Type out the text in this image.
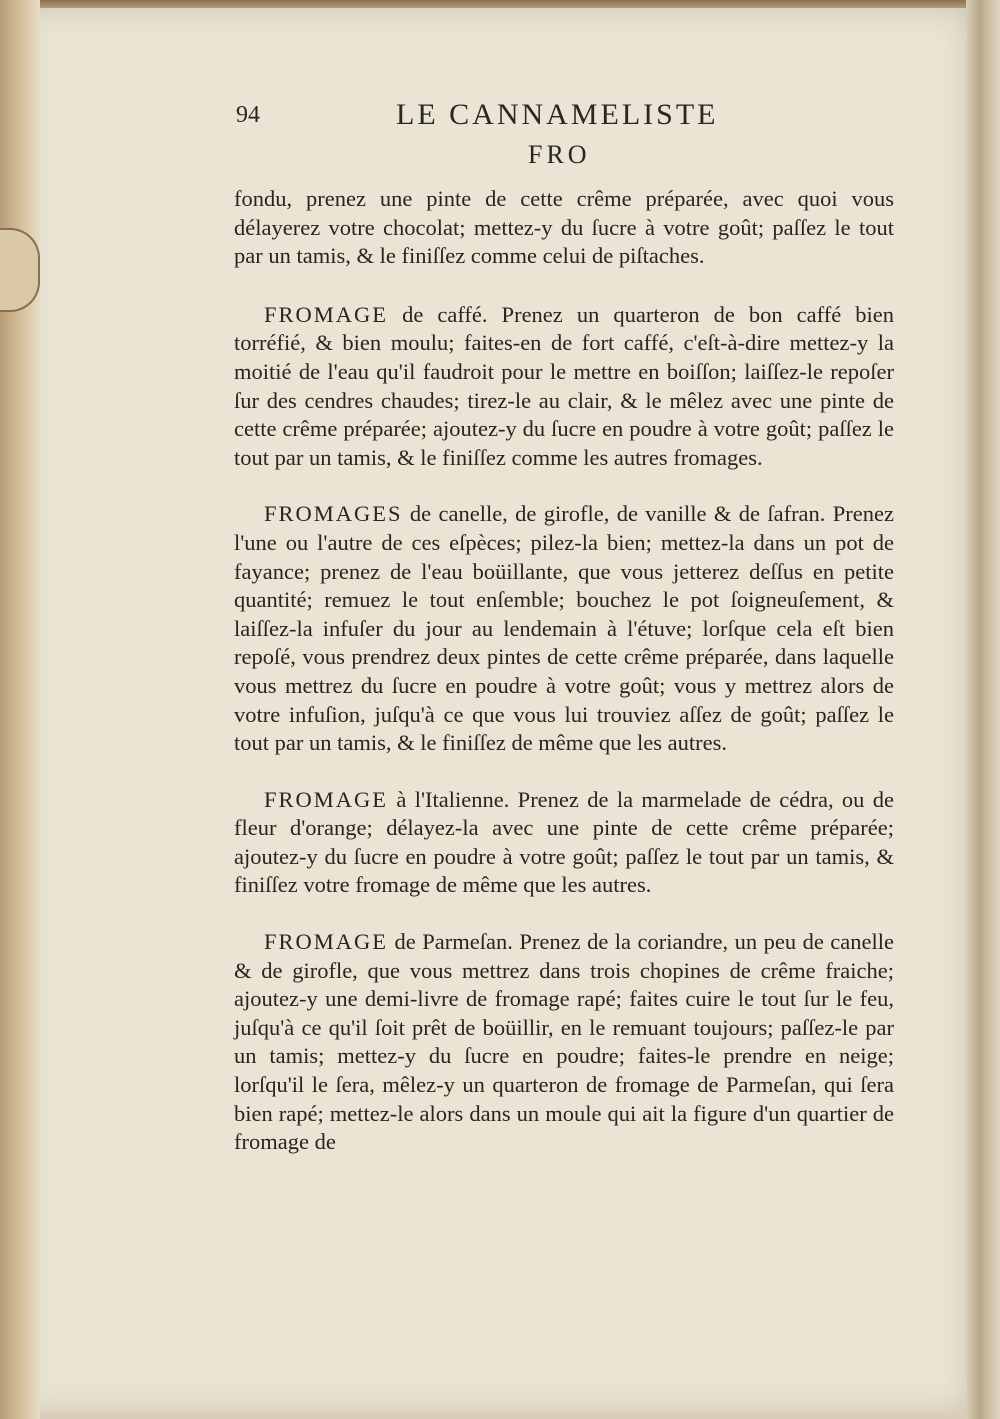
94	LE CANNAMELISTE
FRO

fondu, prenez une pinte de cette crême préparée, avec quoi vous délayerez votre chocolat; mettez-y du ſucre à votre goût; paſſez le tout par un tamis, & le finiſſez comme celui de piſtaches.

FROMAGE de caffé. Prenez un quarteron de bon caffé bien torréfié, & bien moulu; faites-en de fort caffé, c'eſt-à-dire mettez-y la moitié de l'eau qu'il faudroit pour le mettre en boiſſon; laiſſez-le repoſer ſur des cendres chaudes; tirez-le au clair, & le mêlez avec une pinte de cette crême préparée; ajoutez-y du ſucre en poudre à votre goût; paſſez le tout par un tamis, & le finiſſez comme les autres fromages.

FROMAGES de canelle, de girofle, de vanille & de ſafran. Prenez l'une ou l'autre de ces eſpèces; pilez-la bien; mettez-la dans un pot de fayance; prenez de l'eau boüillante, que vous jetterez deſſus en petite quantité; remuez le tout enſemble; bouchez le pot ſoigneuſement, & laiſſez-la infuſer du jour au lendemain à l'étuve; lorſque cela eſt bien repoſé, vous prendrez deux pintes de cette crême préparée, dans laquelle vous mettrez du ſucre en poudre à votre goût; vous y mettrez alors de votre infuſion, juſqu'à ce que vous lui trouviez aſſez de goût; paſſez le tout par un tamis, & le finiſſez de même que les autres.

FROMAGE à l'Italienne. Prenez de la marmelade de cédra, ou de fleur d'orange; délayez-la avec une pinte de cette crême préparée; ajoutez-y du ſucre en poudre à votre goût; paſſez le tout par un tamis, & finiſſez votre fromage de même que les autres.

FROMAGE de Parmeſan. Prenez de la coriandre, un peu de canelle & de girofle, que vous mettrez dans trois chopines de crême fraiche; ajoutez-y une demi-livre de fromage rapé; faites cuire le tout ſur le feu, juſqu'à ce qu'il ſoit prêt de boüillir, en le remuant toujours; paſſez-le par un tamis; mettez-y du ſucre en poudre; faites-le prendre en neige; lorſqu'il le ſera, mêlez-y un quarteron de fromage de Parmeſan, qui ſera bien rapé; mettez-le alors dans un moule qui ait la figure d'un quartier de fromage de
